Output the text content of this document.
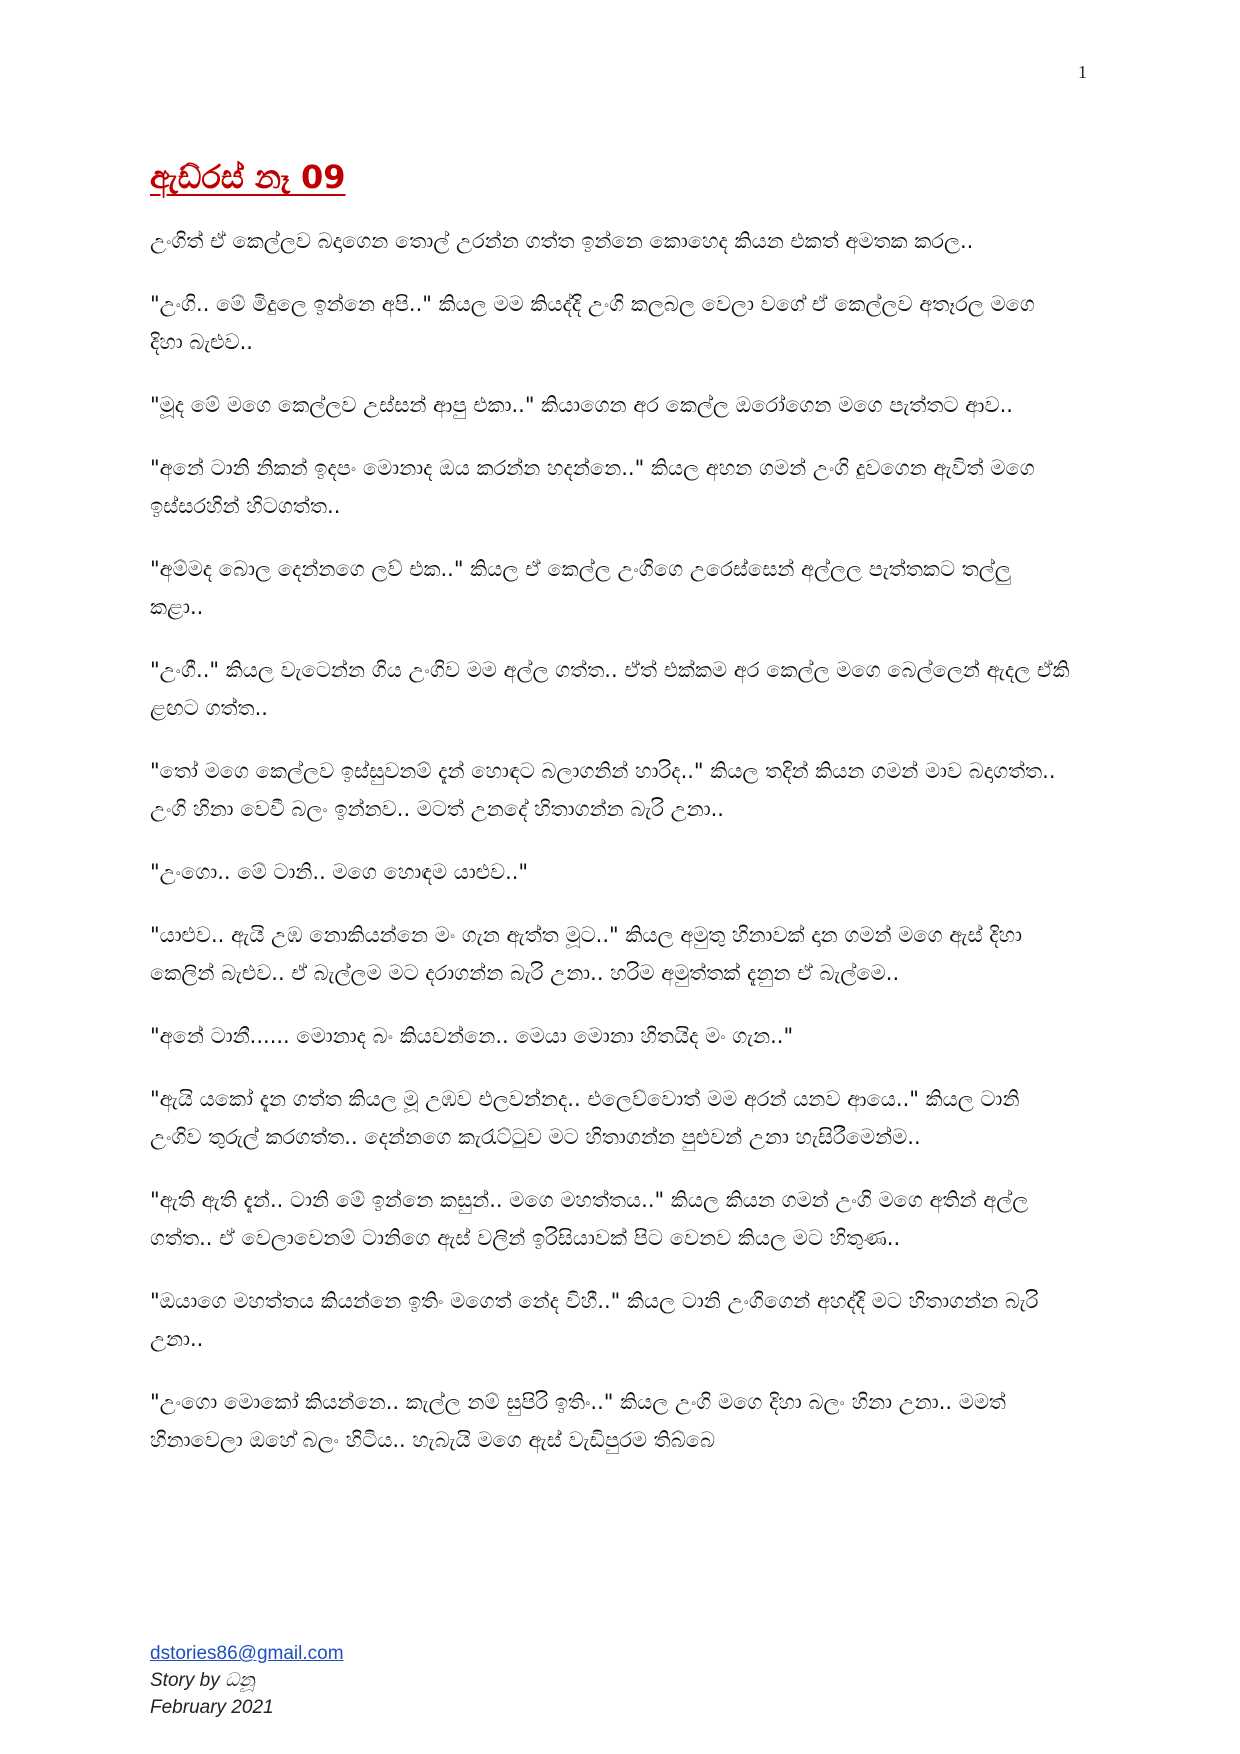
1
ඇඩ්රස් නෑ 09

උංගිත් ඒ කෙල්ලව බදාගෙන තොල් උරන්න ගත්ත ඉන්නෙ කොහෙද කියන එකත් අමතක කරල..

"උංගි.. මේ මිදුලෙ ඉන්නෙ අපි.." කියල මම කියද්දි උංගි කලබල වෙලා වගේ ඒ කෙල්ලව අතෑරල මගෙ දිහා බැළුව..

"මූද මේ මගෙ කෙල්ලව උස්සන් ආපු එකා.." කියාගෙන අර කෙල්ල ඔරෝගෙන මගෙ පැත්තට ආව..

"අනේ ටානි නිකන් ඉදපං මොනාද ඔය කරන්න හදන්නෙ.." කියල අහන ගමන් උංගි දුවගෙන ඇවිත් මගෙ ඉස්සරහින් හිටගත්ත..

"අම්මද බොල දෙන්නගෙ ලව් එක.." කියල ඒ කෙල්ල උංගිගෙ උරෙස්සෙන් අල්ලල පැත්තකට තල්ලු කළා..

"උංගී.." කියල වැටෙන්න ගිය උංගිව මම අල්ල ගත්ත.. ඒත් එක්කම අර කෙල්ල මගෙ බෙල්ලෙන් ඇදල ඒකි ළඟට ගත්ත..

"තෝ මගෙ කෙල්ලව ඉස්සුවනම් දැන් හොඳට බලාගනින් හාරිද.." කියල තදින් කියන ගමන් මාව බදාගත්ත.. උංගි හිනා වෙවී බලං ඉන්නව.. මටත් උනදේ හිතාගන්න බැරි උනා..

"උංගො.. මේ ටානි.. මගෙ හොඳම යාළුව.."

"යාළුව.. ඇයි උඹ නොකියන්නෙ මං ගැන ඇත්ත මූට.." කියල අමුතු හිනාවක් දාන ගමන් මගෙ ඇස් දිහා කෙලින් බැළුව.. ඒ බැල්ලම මට දරාගන්න බැරි උනා.. හරිම අමුත්තක් දැනුන ඒ බැල්මෙ..

"අනේ ටානී...... මොනාද බං කියවන්නෙ.. මෙයා මොනා හිතයිද මං ගැන.."

"ඇයි යකෝ දැන ගත්ත කියල මූ උඹව එලවන්නද.. එලෙව්වොත් මම අරන් යනව ආයෙ.." කියල ටානි උංගිව තුරුල් කරගත්ත.. දෙන්නගෙ කැරැට්ටුව මට හිතාගන්න පුළුවන් උනා හැසිරීමෙන්ම..

"ඇති ඇති දැන්.. ටානි මේ ඉන්නෙ කසුන්.. මගෙ මහත්තය.." කියල කියන ගමන් උංගි මගෙ අතින් අල්ල ගත්ත.. ඒ වෙලාවෙනම් ටානිගෙ ඇස් වලින් ඉරිසියාවක් පිට වෙනව කියල මට හිතුණ..

"ඔයාගෙ මහත්තය කියන්නෙ ඉතිං මගෙත් නේද විහී.." කියල ටානි උංගිගෙන් අහද්දි මට හිතාගන්න බැරි උනා..

"උංගො මොකෝ කියන්නෙ.. කැල්ල නම් සුපිරි ඉතිං.." කියල උංගි මගෙ දිහා බලං හිනා උනා.. මමත් හිනාවෙලා ඔහේ බලං හිටිය.. හැබැයි මගෙ ඇස් වැඩිපුරම තිබ්බෙ

dstories86@gmail.com
Story by ධනූ
February 2021
